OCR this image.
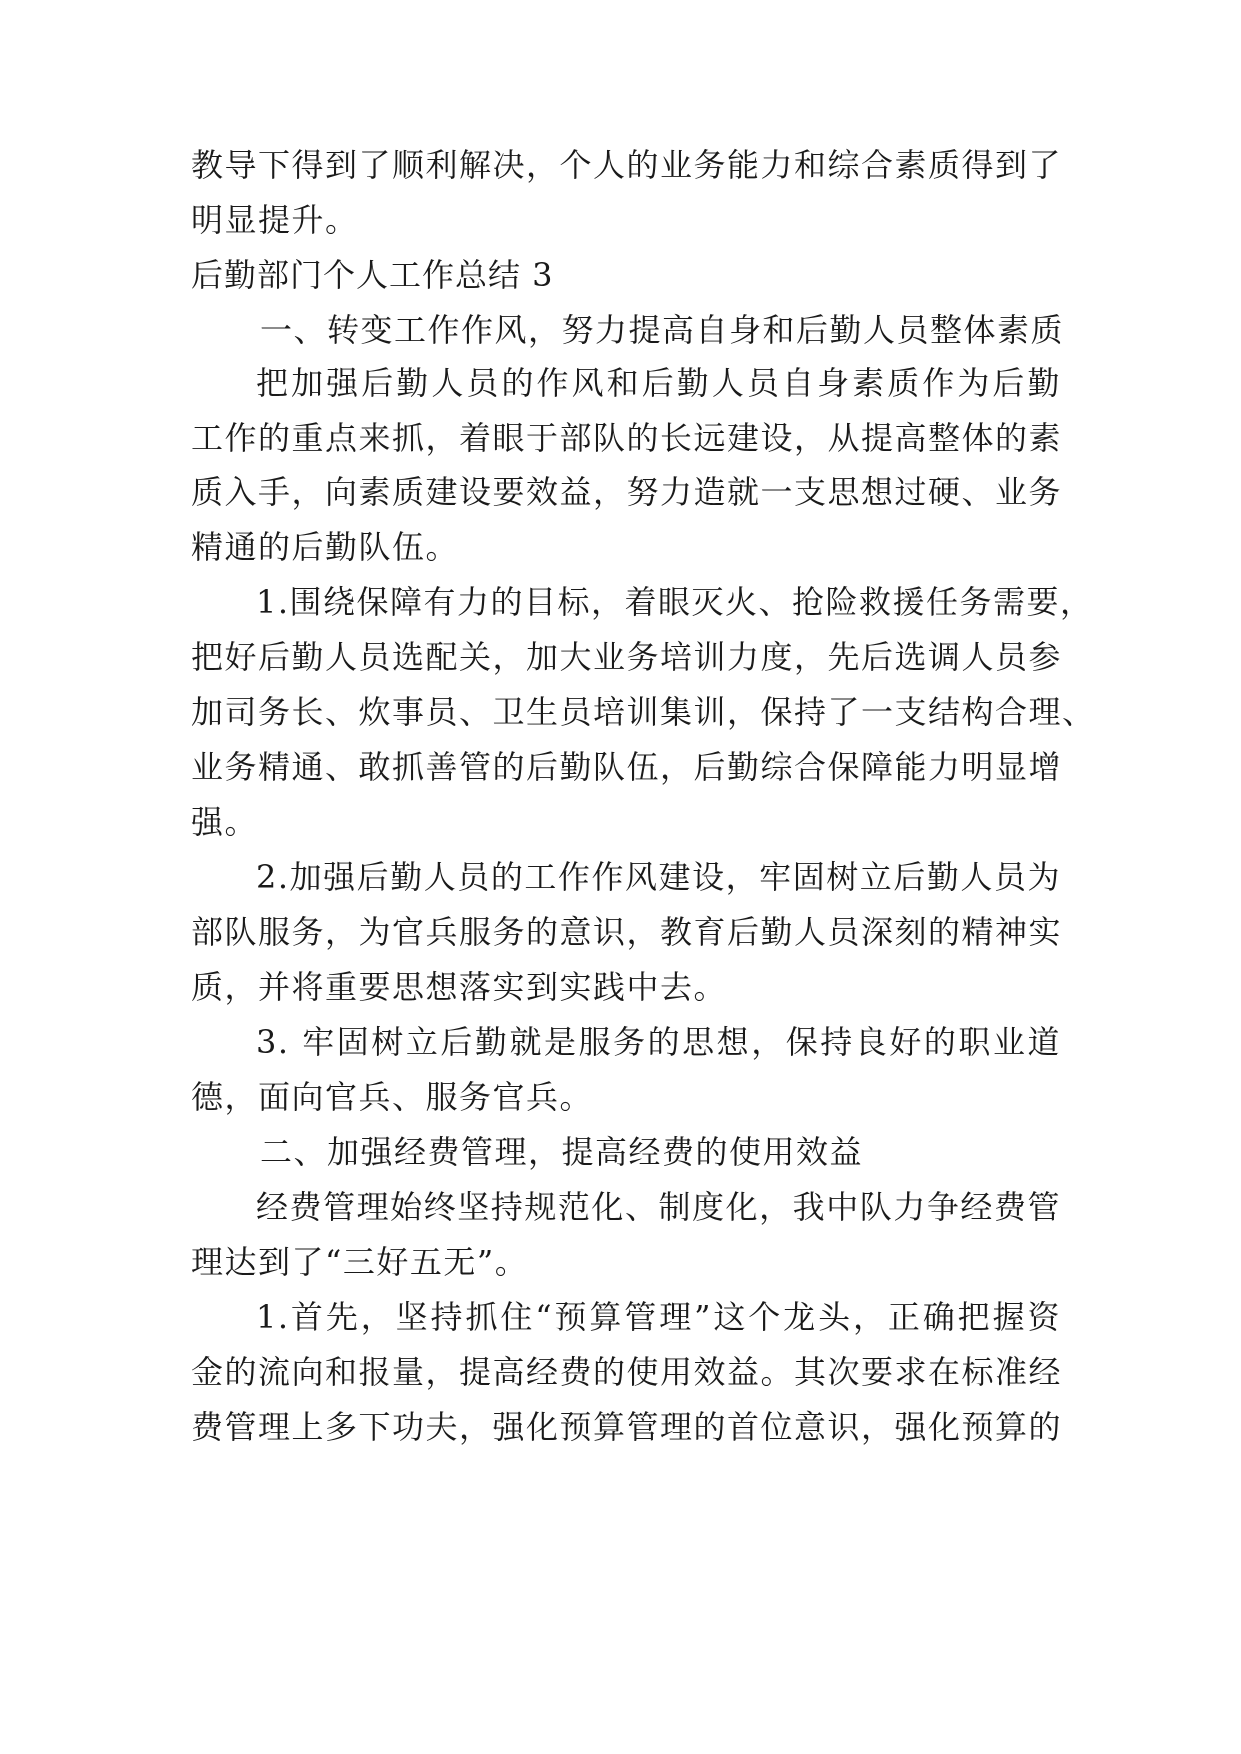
教导下得到了顺利解决，个人的业务能力和综合素质得到了
明显提升。
后勤部门个人工作总结 3
一、转变工作作风，努力提高自身和后勤人员整体素质
把加强后勤人员的作风和后勤人员自身素质作为后勤
工作的重点来抓，着眼于部队的长远建设，从提高整体的素
质入手，向素质建设要效益，努力造就一支思想过硬、业务
精通的后勤队伍。
1.围绕保障有力的目标，着眼灭火、抢险救援任务需要，
把好后勤人员选配关，加大业务培训力度，先后选调人员参
加司务长、炊事员、卫生员培训集训，保持了一支结构合理、
业务精通、敢抓善管的后勤队伍，后勤综合保障能力明显增
强。
2.加强后勤人员的工作作风建设，牢固树立后勤人员为
部队服务，为官兵服务的意识，教育后勤人员深刻的精神实
质，并将重要思想落实到实践中去。
3. 牢固树立后勤就是服务的思想，保持良好的职业道
德，面向官兵、服务官兵。
二、加强经费管理，提高经费的使用效益
经费管理始终坚持规范化、制度化，我中队力争经费管
理达到了“三好五无”。
1.首先，坚持抓住“预算管理”这个龙头，正确把握资
金的流向和报量，提高经费的使用效益。其次要求在标准经
费管理上多下功夫，强化预算管理的首位意识，强化预算的
